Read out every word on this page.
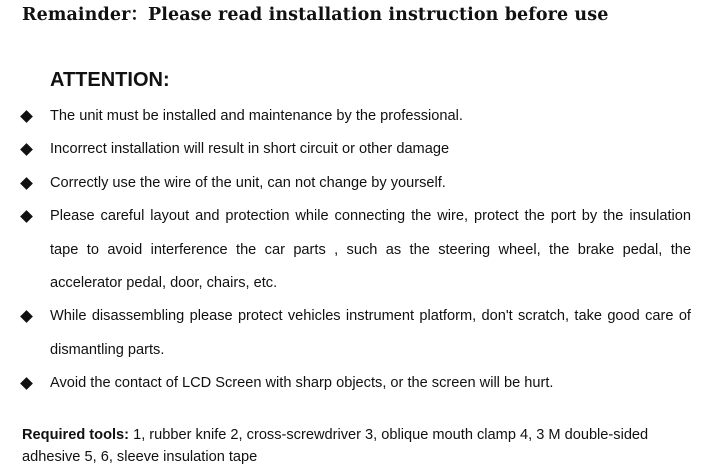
Remainder：Please read installation instruction before use
ATTENTION:
The unit must be installed and maintenance by the professional.
Incorrect installation will result in short circuit or other damage
Correctly use the wire of the unit, can not change by yourself.
Please careful layout and protection while connecting the wire, protect the port by the insulation tape to avoid interference the car parts , such as the steering wheel, the brake pedal, the accelerator pedal, door, chairs, etc.
While disassembling please protect vehicles instrument platform, don't scratch, take good care of dismantling parts.
Avoid the contact of LCD Screen with sharp objects, or the screen will be hurt.
Required tools: 1, rubber knife 2, cross-screwdriver 3, oblique mouth clamp 4, 3 M double-sided adhesive 5, 6, sleeve insulation tape
